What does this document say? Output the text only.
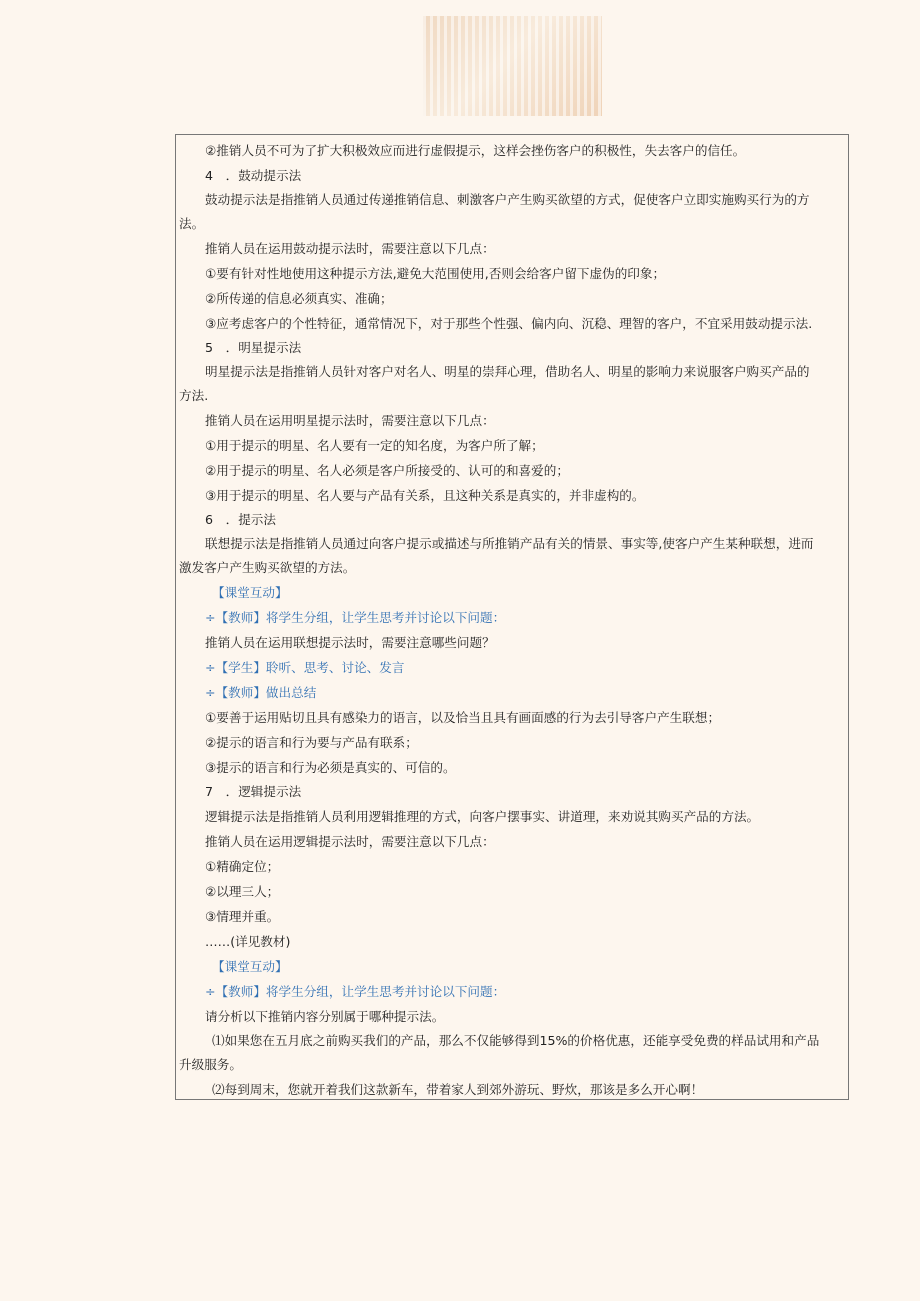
②推销人员不可为了扩大积极效应而进行虚假提示，这样会挫伤客户的积极性，失去客户的信任。
4　．鼓动提示法
鼓动提示法是指推销人员通过传递推销信息、刺激客户产生购买欲望的方式，促使客户立即实施购买行为的方
法。
推销人员在运用鼓动提示法时，需要注意以下几点：
①要有针对性地使用这种提示方法,避免大范围使用,否则会给客户留下虚伪的印象；
②所传递的信息必须真实、准确；
③应考虑客户的个性特征，通常情况下，对于那些个性强、偏内向、沉稳、理智的客户，不宜采用鼓动提示法.
5　．明星提示法
明星提示法是指推销人员针对客户对名人、明星的崇拜心理，借助名人、明星的影响力来说服客户购买产品的
方法.
推销人员在运用明星提示法时，需要注意以下几点：
①用于提示的明星、名人要有一定的知名度，为客户所了解；
②用于提示的明星、名人必须是客户所接受的、认可的和喜爱的；
③用于提示的明星、名人要与产品有关系，且这种关系是真实的，并非虚构的。
6　．提示法
联想提示法是指推销人员通过向客户提示或描述与所推销产品有关的情景、事实等,使客户产生某种联想，进而
激发客户产生购买欲望的方法。
【课堂互动】
÷【教师】将学生分组，让学生思考并讨论以下问题：
推销人员在运用联想提示法时，需要注意哪些问题？
÷【学生】聆听、思考、讨论、发言
÷【教师】做出总结
①要善于运用贴切且具有感染力的语言，以及恰当且具有画面感的行为去引导客户产生联想；
②提示的语言和行为要与产品有联系；
③提示的语言和行为必须是真实的、可信的。
7　．逻辑提示法
逻辑提示法是指推销人员利用逻辑推理的方式，向客户摆事实、讲道理，来劝说其购买产品的方法。
推销人员在运用逻辑提示法时，需要注意以下几点：
①精确定位；
②以理三人；
③情理并重。
……(详见教材)
【课堂互动】
÷【教师】将学生分组，让学生思考并讨论以下问题：
请分析以下推销内容分别属于哪种提示法。
⑴如果您在五月底之前购买我们的产品，那么不仅能够得到15%的价格优惠，还能享受免费的样品试用和产品
升级服务。
⑵每到周末，您就开着我们这款新车，带着家人到郊外游玩、野炊，那该是多么开心啊！
